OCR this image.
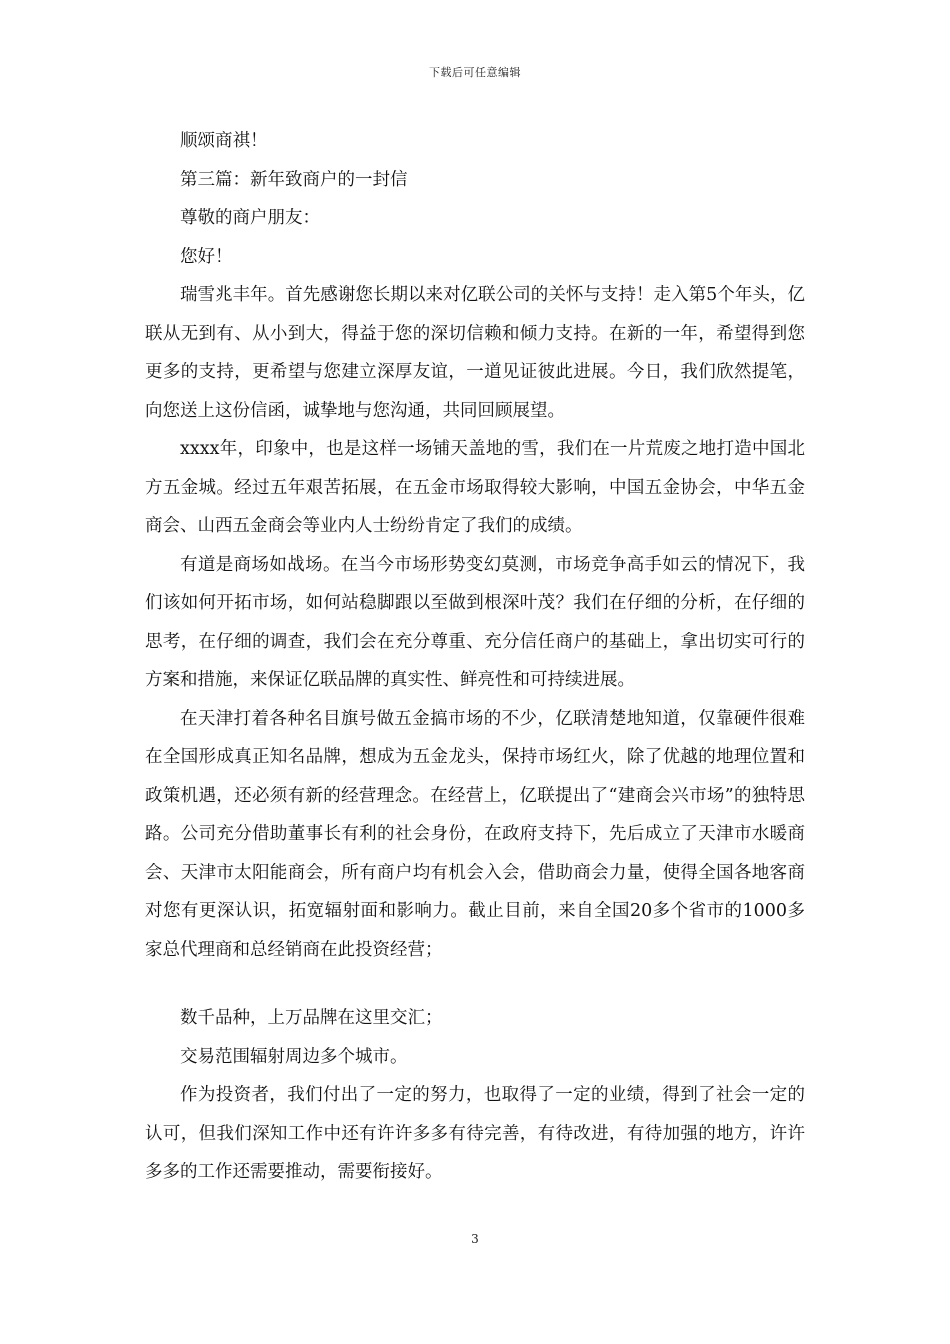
下载后可任意编辑

顺颂商祺！

第三篇：新年致商户的一封信

尊敬的商户朋友：

您好！

瑞雪兆丰年。首先感谢您长期以来对亿联公司的关怀与支持！走入第5个年头，亿联从无到有、从小到大，得益于您的深切信赖和倾力支持。在新的一年，希望得到您更多的支持，更希望与您建立深厚友谊，一道见证彼此进展。今日，我们欣然提笔，向您送上这份信函，诚挚地与您沟通，共同回顾展望。

xxxx年，印象中，也是这样一场铺天盖地的雪，我们在一片荒废之地打造中国北方五金城。经过五年艰苦拓展，在五金市场取得较大影响，中国五金协会，中华五金商会、山西五金商会等业内人士纷纷肯定了我们的成绩。

有道是商场如战场。在当今市场形势变幻莫测，市场竞争高手如云的情况下，我们该如何开拓市场，如何站稳脚跟以至做到根深叶茂？我们在仔细的分析，在仔细的思考，在仔细的调查，我们会在充分尊重、充分信任商户的基础上，拿出切实可行的方案和措施，来保证亿联品牌的真实性、鲜亮性和可持续进展。

在天津打着各种名目旗号做五金搞市场的不少，亿联清楚地知道，仅靠硬件很难在全国形成真正知名品牌，想成为五金龙头，保持市场红火，除了优越的地理位置和政策机遇，还必须有新的经营理念。在经营上，亿联提出了“建商会兴市场”的独特思路。公司充分借助董事长有利的社会身份，在政府支持下，先后成立了天津市水暖商会、天津市太阳能商会，所有商户均有机会入会，借助商会力量，使得全国各地客商对您有更深认识，拓宽辐射面和影响力。截止目前，来自全国20多个省市的1000多家总代理商和总经销商在此投资经营；

数千品种，上万品牌在这里交汇；

交易范围辐射周边多个城市。

作为投资者，我们付出了一定的努力，也取得了一定的业绩，得到了社会一定的认可，但我们深知工作中还有许许多多有待完善，有待改进，有待加强的地方，许许多多的工作还需要推动，需要衔接好。

3
